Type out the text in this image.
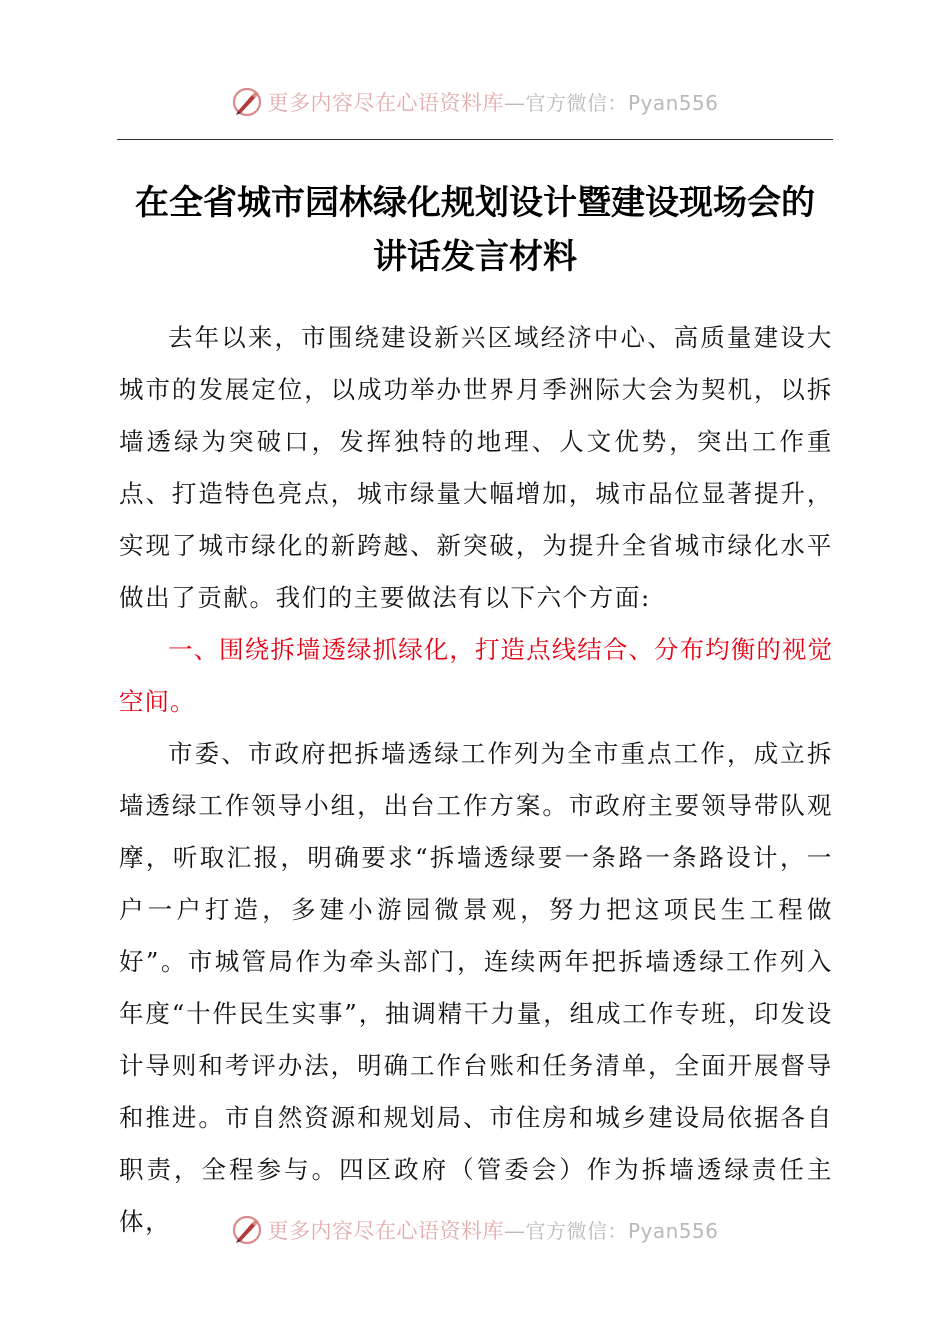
更多内容尽在心语资料库—官方微信：Pyan556
在全省城市园林绿化规划设计暨建设现场会的
讲话发言材料

去年以来，市围绕建设新兴区域经济中心、高质量建设大城市的发展定位，以成功举办世界月季洲际大会为契机，以拆墙透绿为突破口，发挥独特的地理、人文优势，突出工作重点、打造特色亮点，城市绿量大幅增加，城市品位显著提升，实现了城市绿化的新跨越、新突破，为提升全省城市绿化水平做出了贡献。我们的主要做法有以下六个方面:

一、围绕拆墙透绿抓绿化，打造点线结合、分布均衡的视觉空间。

市委、市政府把拆墙透绿工作列为全市重点工作，成立拆墙透绿工作领导小组，出台工作方案。市政府主要领导带队观摩，听取汇报，明确要求“拆墙透绿要一条路一条路设计，一户一户打造，多建小游园微景观，努力把这项民生工程做好”。市城管局作为牵头部门，连续两年把拆墙透绿工作列入年度“十件民生实事”，抽调精干力量，组成工作专班，印发设计导则和考评办法，明确工作台账和任务清单，全面开展督导和推进。市自然资源和规划局、市住房和城乡建设局依据各自职责，全程参与。四区政府（管委会）作为拆墙透绿责任主体，	更多内容尽在心语资料库—官方微信：Pyan556
